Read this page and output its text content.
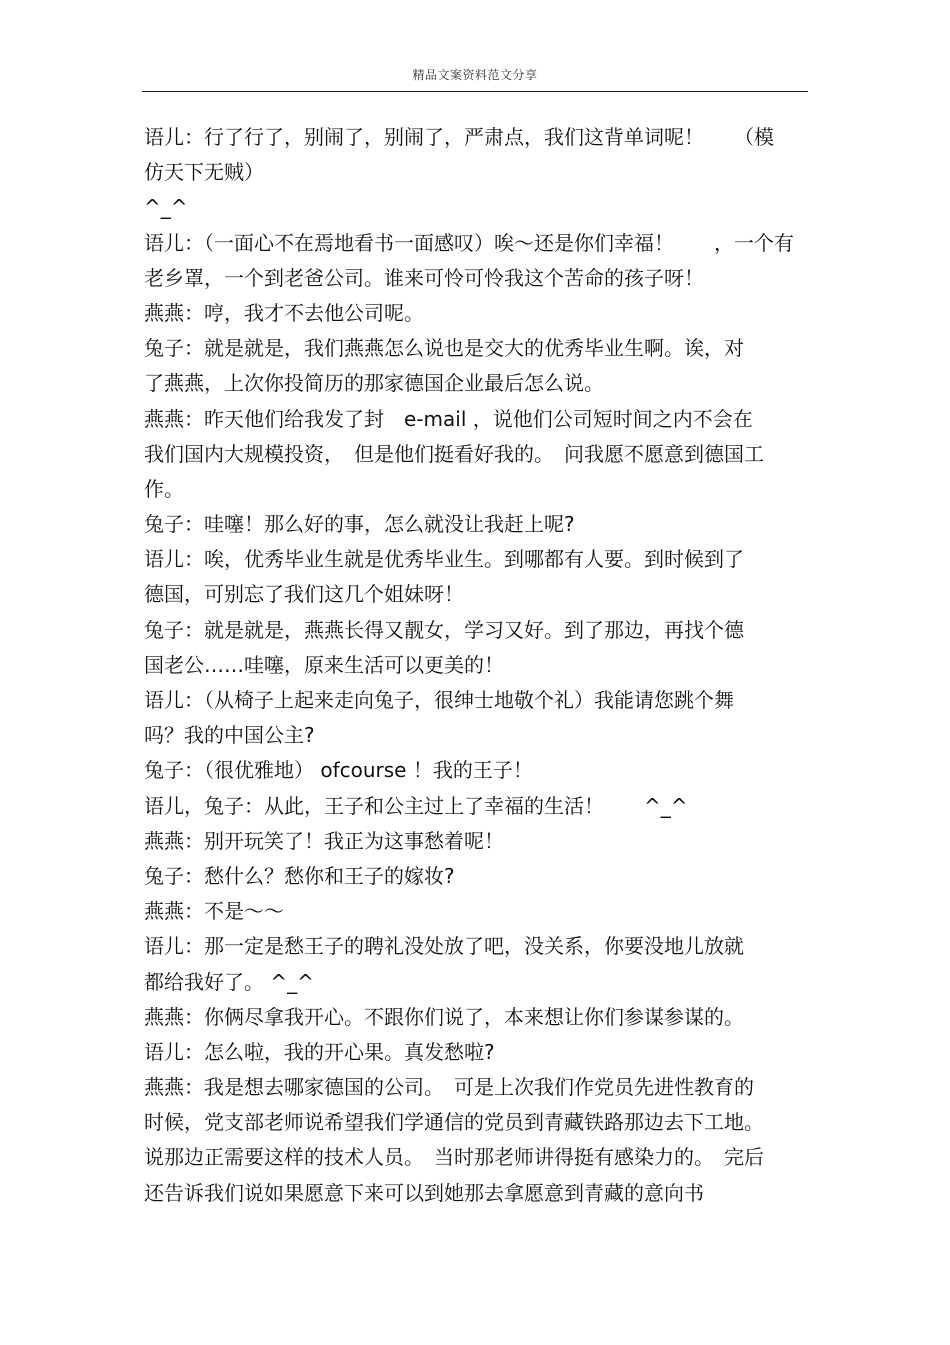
精品文案资料范文分享
语儿：行了行了，别闹了，别闹了，严肃点，我们这背单词呢！　　（模
仿天下无贼）
^_^
语儿：（一面心不在焉地看书一面感叹）唉～还是你们幸福！　　，一个有
老乡罩，一个到老爸公司。谁来可怜可怜我这个苦命的孩子呀！
燕燕：哼，我才不去他公司呢。
兔子：就是就是，我们燕燕怎么说也是交大的优秀毕业生啊。诶，对
了燕燕，上次你投简历的那家德国企业最后怎么说。
燕燕：昨天他们给我发了封　e-mail ，说他们公司短时间之内不会在
我们国内大规模投资，　但是他们挺看好我的。　问我愿不愿意到德国工
作。
兔子：哇噻！那么好的事，怎么就没让我赶上呢?
语儿：唉，优秀毕业生就是优秀毕业生。到哪都有人要。到时候到了
德国，可别忘了我们这几个姐妹呀！
兔子：就是就是，燕燕长得又靓女，学习又好。到了那边，再找个德
国老公……哇噻，原来生活可以更美的！
语儿：（从椅子上起来走向兔子，很绅士地敬个礼）我能请您跳个舞
吗？我的中国公主?
兔子：（很优雅地） ofcourse ！我的王子！
语儿，兔子：从此，王子和公主过上了幸福的生活！　　^_^
燕燕：别开玩笑了！我正为这事愁着呢！
兔子：愁什么？愁你和王子的嫁妆?
燕燕：不是～～
语儿：那一定是愁王子的聘礼没处放了吧，没关系，你要没地儿放就
都给我好了。 ^_^
燕燕：你俩尽拿我开心。不跟你们说了，本来想让你们参谋参谋的。
语儿：怎么啦，我的开心果。真发愁啦?
燕燕：我是想去哪家德国的公司。　可是上次我们作党员先进性教育的
时候，党支部老师说希望我们学通信的党员到青藏铁路那边去下工地。
说那边正需要这样的技术人员。　当时那老师讲得挺有感染力的。　完后
还告诉我们说如果愿意下来可以到她那去拿愿意到青藏的意向书
